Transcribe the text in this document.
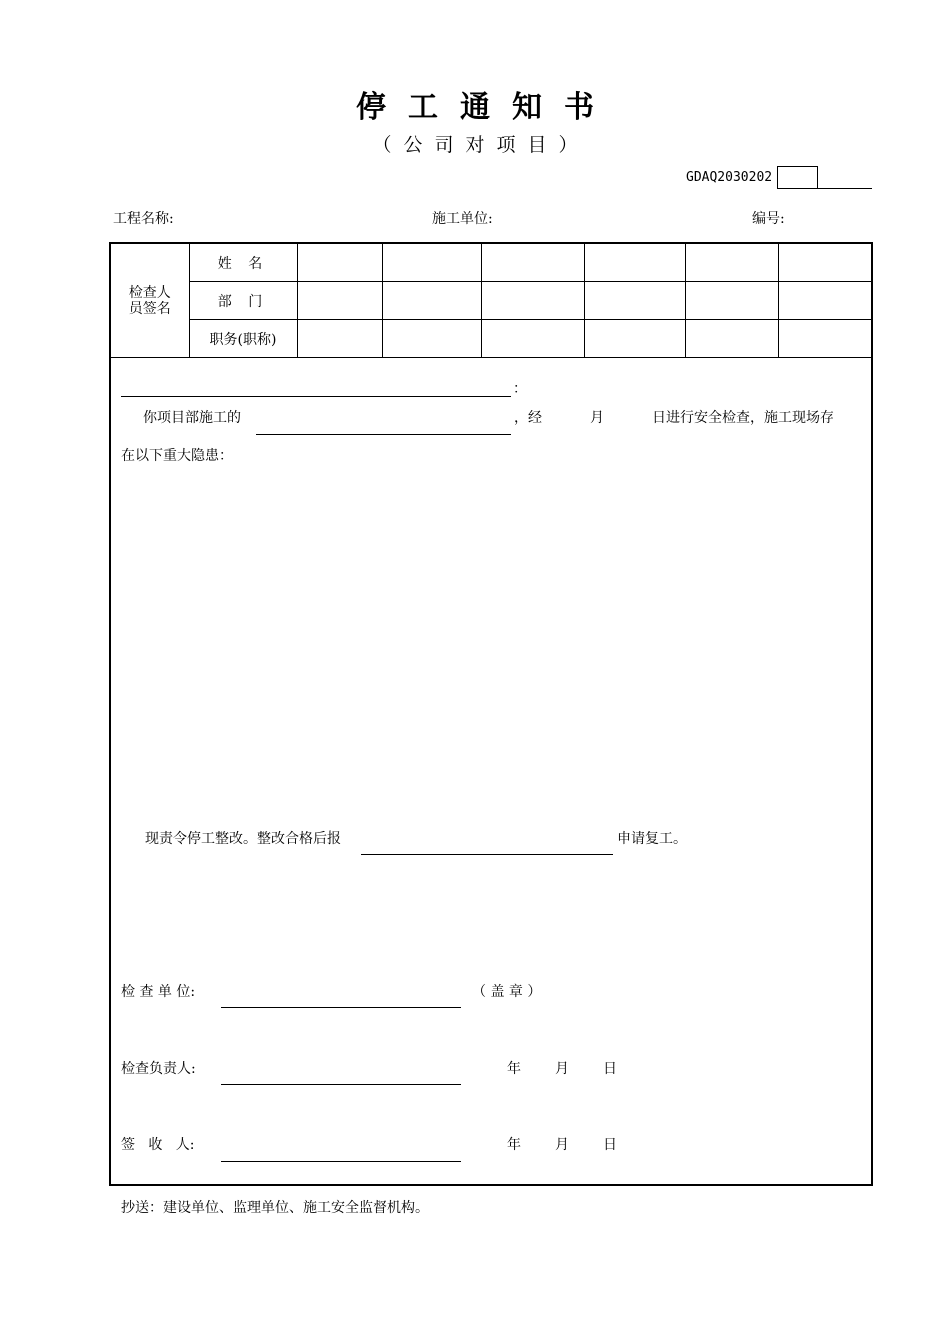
停工通知书
（公司对项目）
GDAQ2030202
工程名称:	施工单位:	编号:
检查人员签名	姓 名						
	部 门						
	职务(职称)						
：
你项目部施工的	，经	月	日进行安全检查，施工现场存
在以下重大隐患：
现责令停工整改。整改合格后报	申请复工。
检 查 单 位:	（ 盖 章 ）
检查负责人:	年 月 日
签   收   人:	年 月 日
抄送：建设单位、监理单位、施工安全监督机构。
